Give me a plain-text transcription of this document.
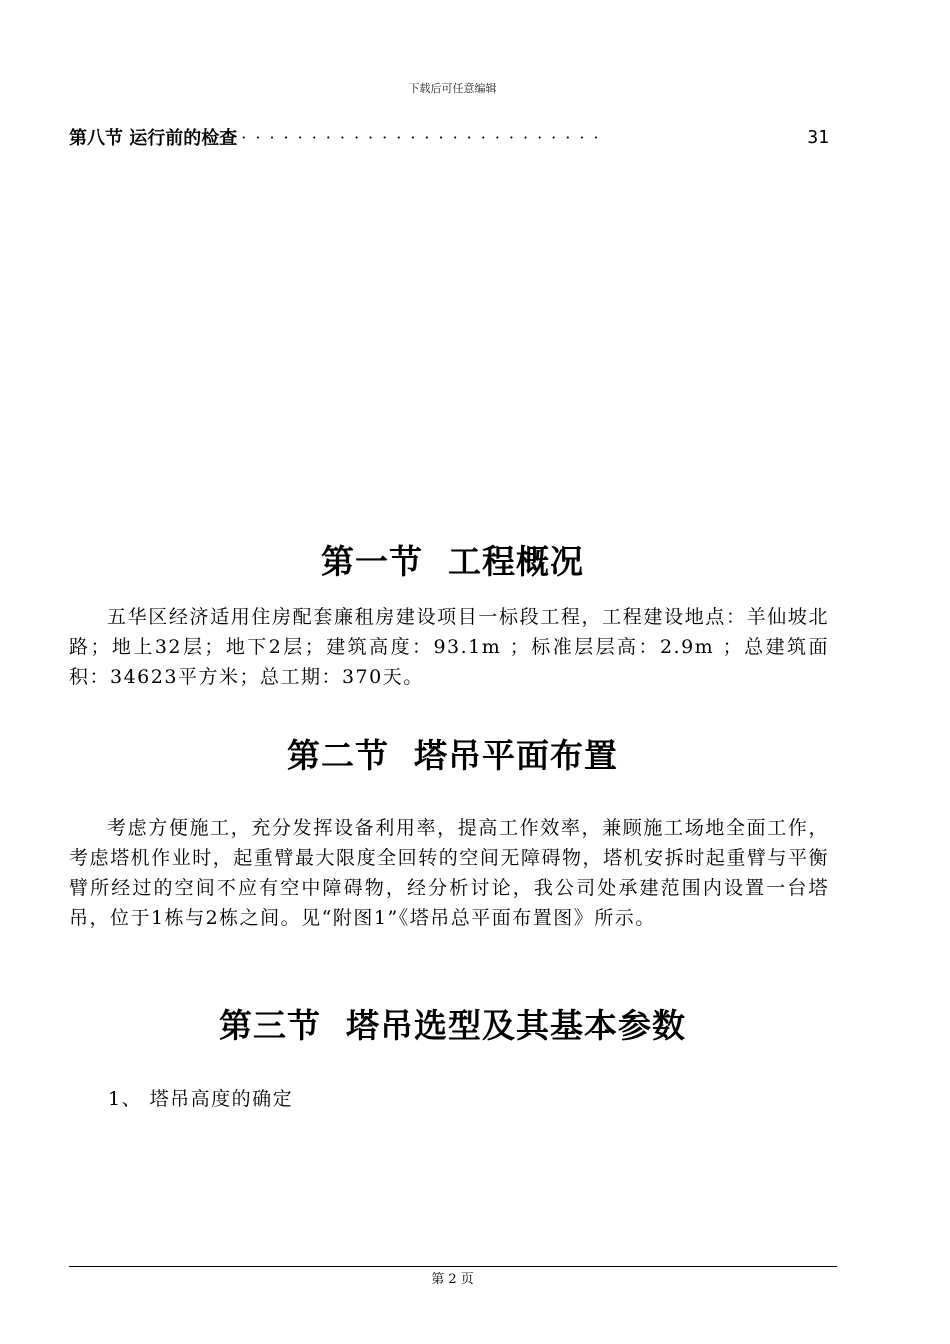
下载后可任意编辑
第八节 运行前的检查 ··························	31
第一节  工程概况

五华区经济适用住房配套廉租房建设项目一标段工程，工程建设地点：羊仙坡北路；地上32层；地下2层；建筑高度：93.1m ；标准层层高：2.9m ；总建筑面积：34623平方米；总工期：370天。

第二节  塔吊平面布置

考虑方便施工，充分发挥设备利用率，提高工作效率，兼顾施工场地全面工作，考虑塔机作业时，起重臂最大限度全回转的空间无障碍物，塔机安拆时起重臂与平衡臂所经过的空间不应有空中障碍物，经分析讨论，我公司处承建范围内设置一台塔吊，位于1栋与2栋之间。见“附图1”《塔吊总平面布置图》所示。

第三节  塔吊选型及其基本参数
1、 塔吊高度的确定
第 2 页
